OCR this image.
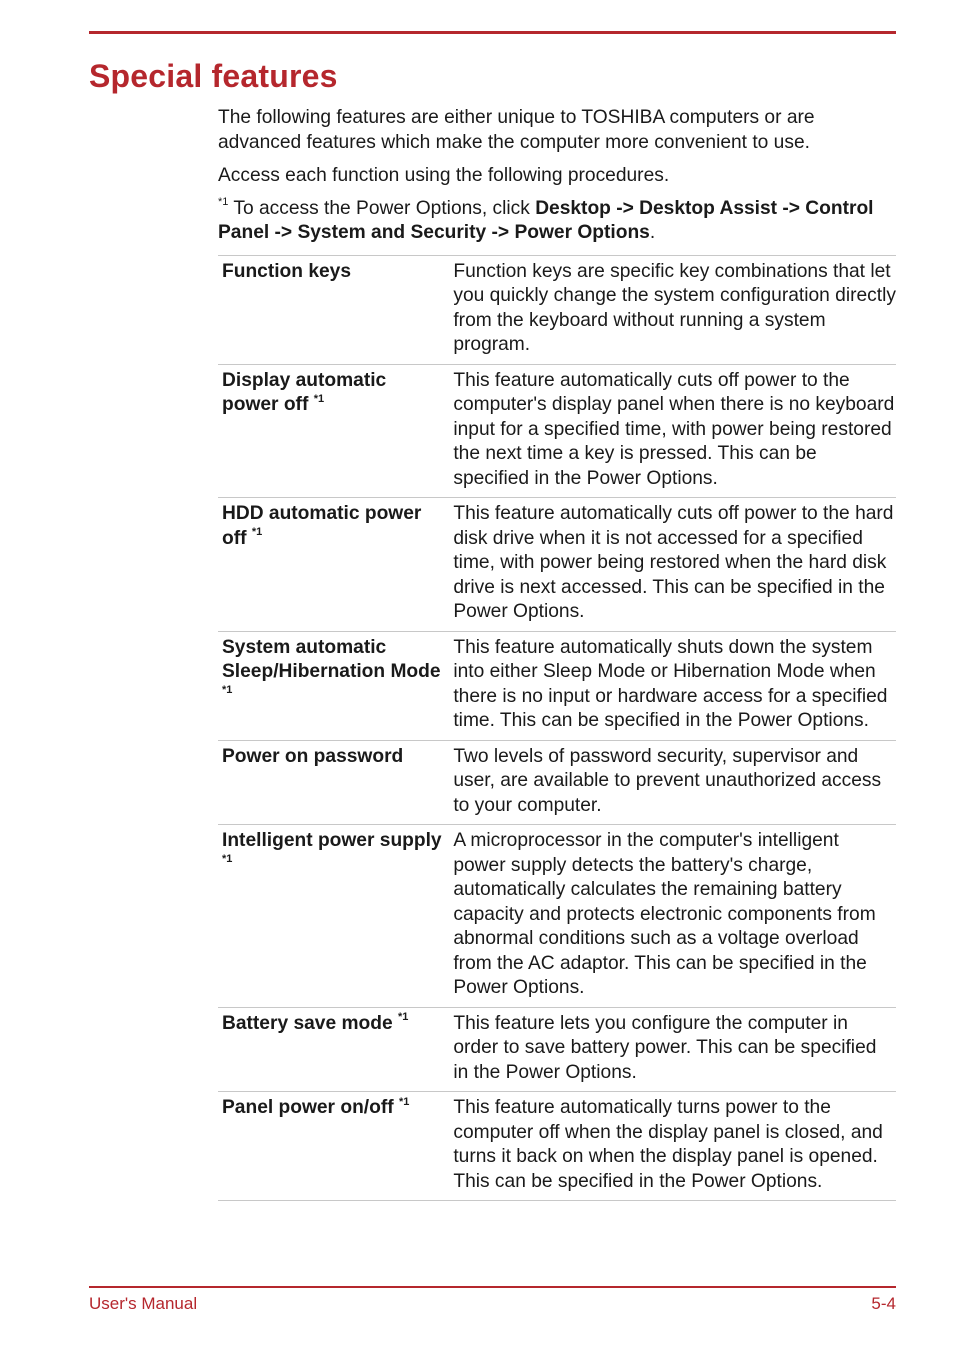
Special features

The following features are either unique to TOSHIBA computers or are advanced features which make the computer more convenient to use.

Access each function using the following procedures.

$^{*1}$ To access the Power Options, click Desktop -> Desktop Assist -> Control Panel -> System and Security -> Power Options.

Function keys	Function keys are specific key combinations that let you quickly change the system configuration directly from the keyboard without running a system program.
Display automatic power off $^{*1}$	This feature automatically cuts off power to the computer's display panel when there is no keyboard input for a specified time, with power being restored the next time a key is pressed. This can be specified in the Power Options.
HDD automatic power off $^{*1}$	This feature automatically cuts off power to the hard disk drive when it is not accessed for a specified time, with power being restored when the hard disk drive is next accessed. This can be specified in the Power Options.
System automatic Sleep/Hibernation Mode $^{*1}$	This feature automatically shuts down the system into either Sleep Mode or Hibernation Mode when there is no input or hardware access for a specified time. This can be specified in the Power Options.
Power on password	Two levels of password security, supervisor and user, are available to prevent unauthorized access to your computer.
Intelligent power supply $^{*1}$	A microprocessor in the computer's intelligent power supply detects the battery's charge, automatically calculates the remaining battery capacity and protects electronic components from abnormal conditions such as a voltage overload from the AC adaptor. This can be specified in the Power Options.
Battery save mode $^{*1}$	This feature lets you configure the computer in order to save battery power. This can be specified in the Power Options.
Panel power on/off $^{*1}$	This feature automatically turns power to the computer off when the display panel is closed, and turns it back on when the display panel is opened. This can be specified in the Power Options.
User's Manual	5-4
